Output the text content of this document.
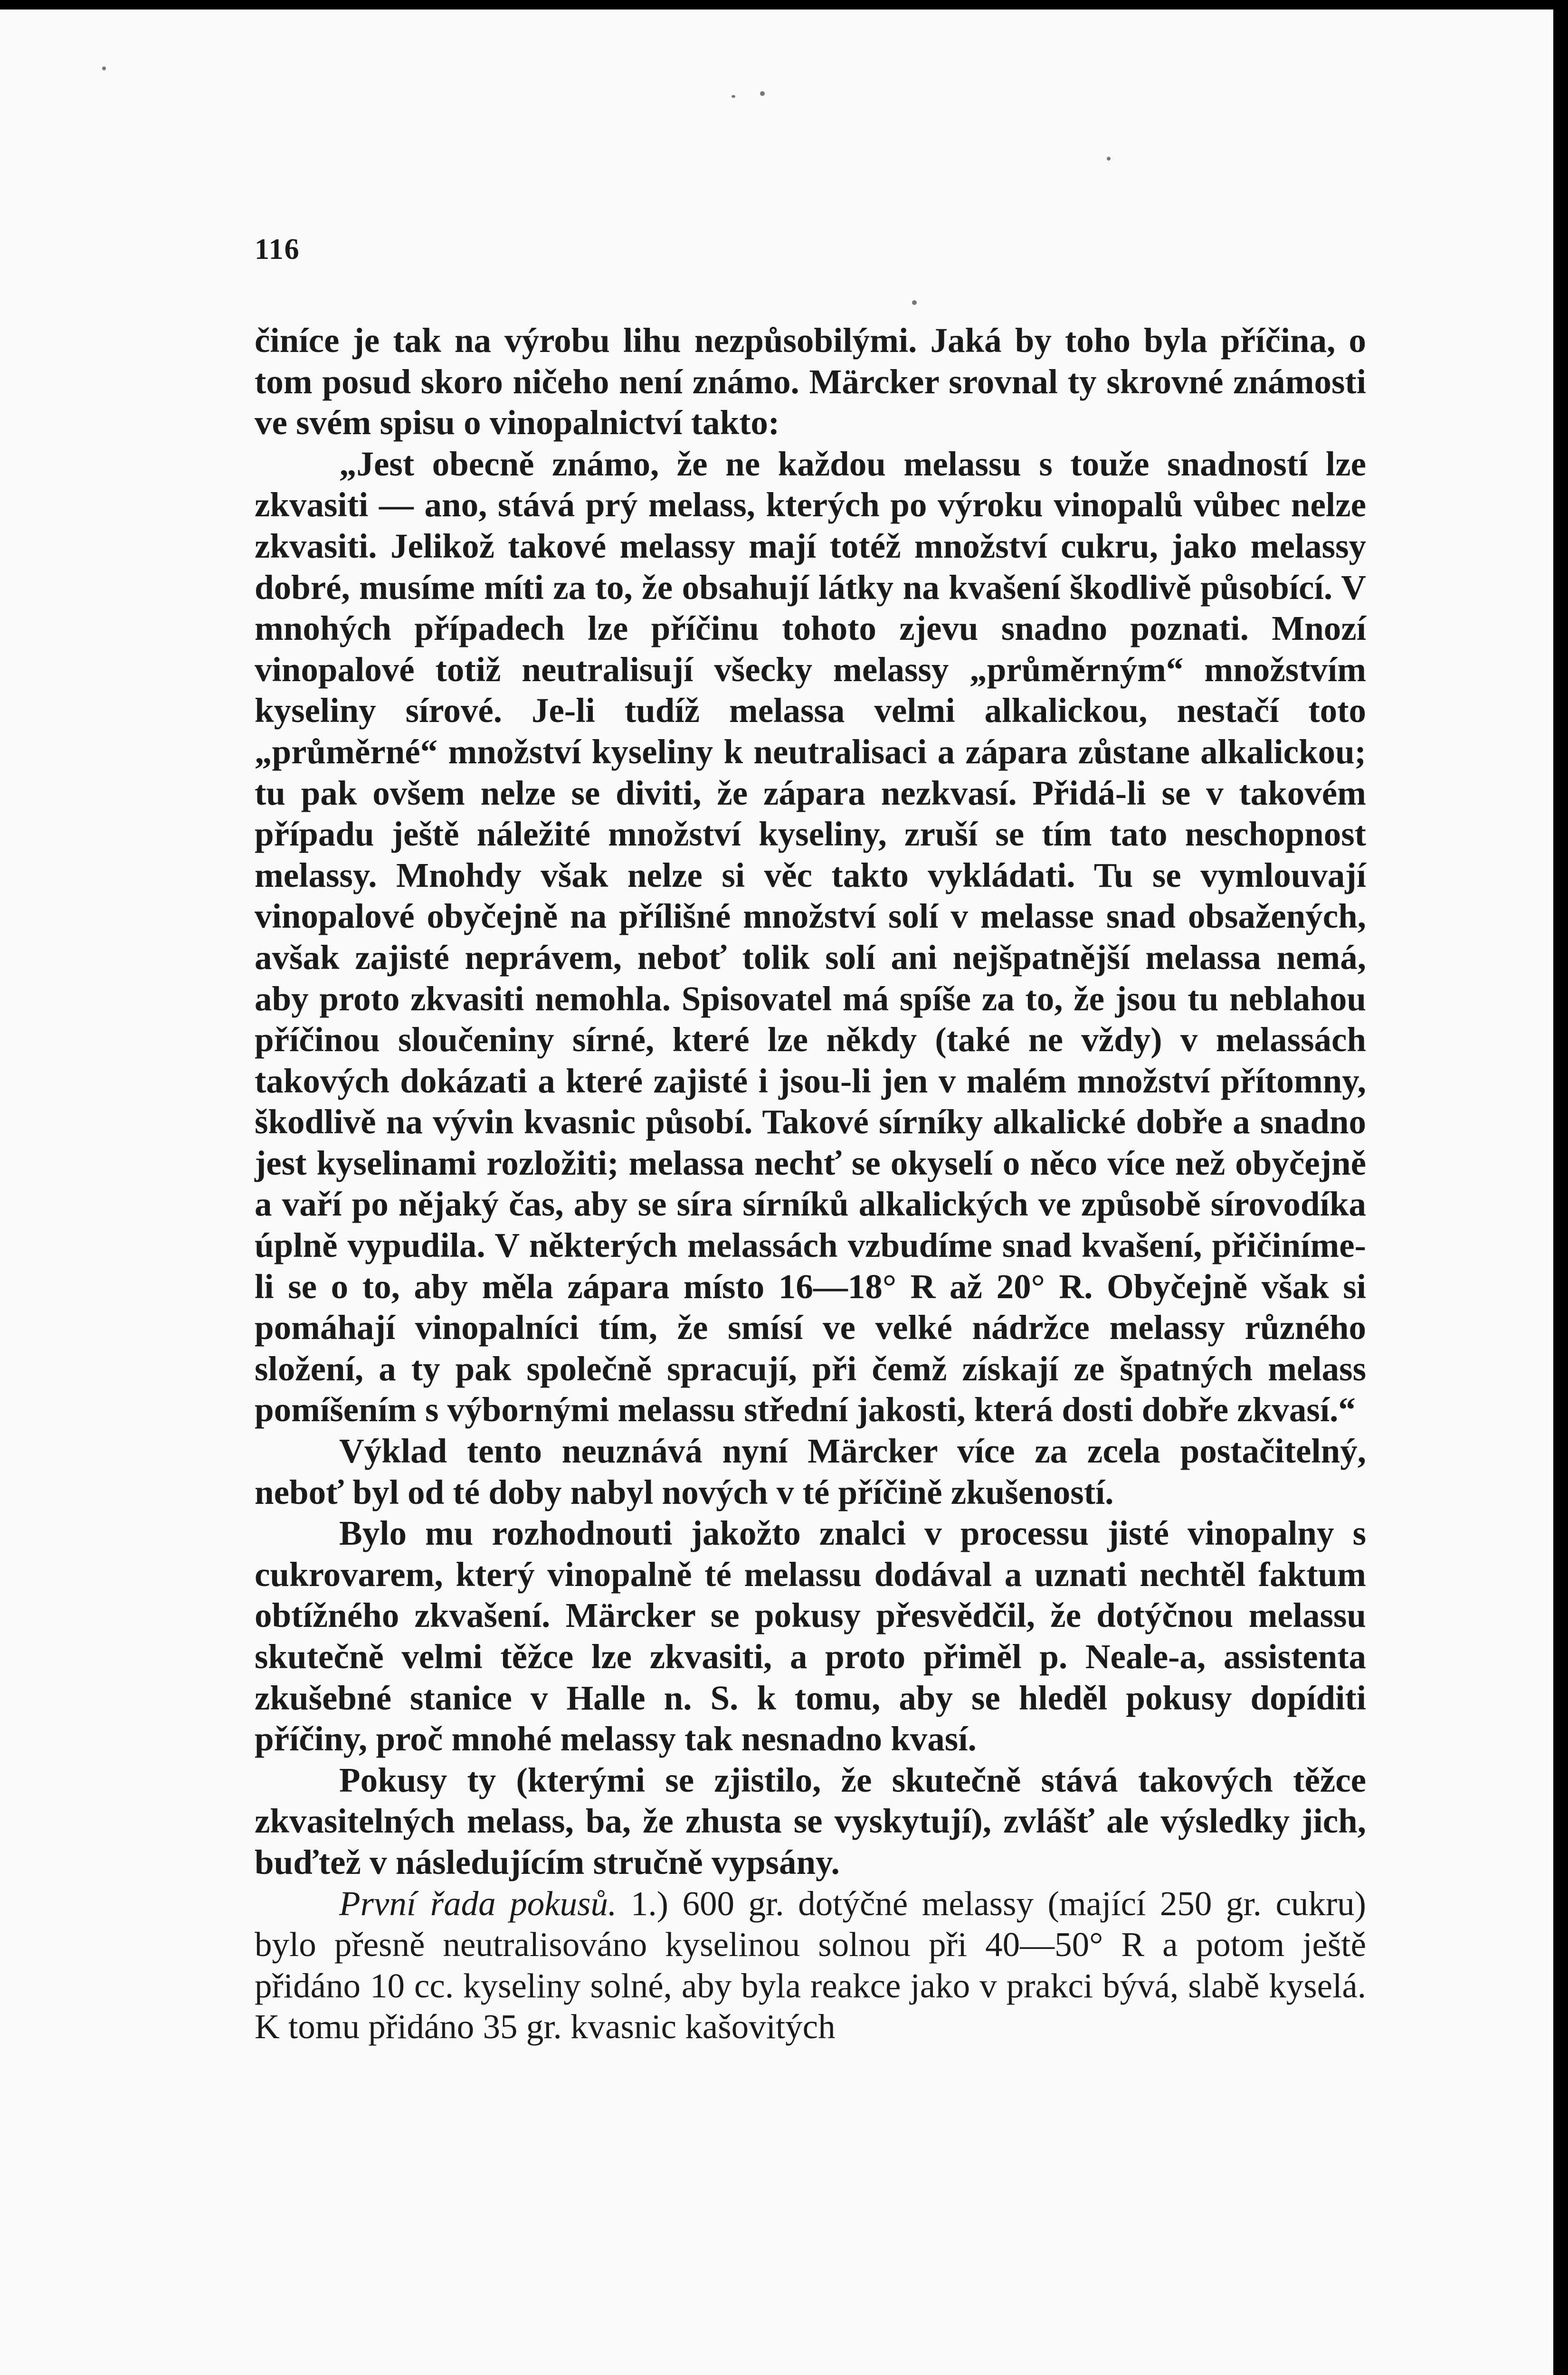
116

činíce je tak na výrobu lihu nezpůsobilými. Jaká by toho byla příčina, o tom posud skoro ničeho není známo. Märcker srovnal ty skrovné známosti ve svém spisu o vinopalnictví takto:

„Jest obecně známo, že ne každou melassu s touže snadností lze zkvasiti — ano, stává prý melass, kterých po výroku vinopalů vůbec nelze zkvasiti. Jelikož takové melassy mají totéž množství cukru, jako melassy dobré, musíme míti za to, že obsahují látky na kvašení škodlivě působící. V mnohých případech lze příčinu tohoto zjevu snadno poznati. Mnozí vinopalové totiž neutralisují všecky melassy „průměrným“ množstvím kyseliny sírové. Je-li tudíž melassa velmi alkalickou, nestačí toto „průměrné“ množství kyseliny k neutralisaci a zápara zůstane alkalickou; tu pak ovšem nelze se diviti, že zápara nezkvasí. Přidá-li se v takovém případu ještě náležité množství kyseliny, zruší se tím tato neschopnost melassy. Mnohdy však nelze si věc takto vykládati. Tu se vymlouvají vinopalové obyčejně na přílišné množství solí v melasse snad obsažených, avšak zajisté neprávem, neboť tolik solí ani nejšpatnější melassa nemá, aby proto zkvasiti nemohla. Spisovatel má spíše za to, že jsou tu neblahou příčinou sloučeniny sírné, které lze někdy (také ne vždy) v melassách takových dokázati a které zajisté i jsou-li jen v malém množství přítomny, škodlivě na vývin kvasnic působí. Takové sírníky alkalické dobře a snadno jest kyselinami rozložiti; melassa nechť se okyselí o něco více než obyčejně a vaří po nějaký čas, aby se síra sírníků alkalických ve způsobě sírovodíka úplně vypudila. V některých melassách vzbudíme snad kvašení, přičiníme-li se o to, aby měla zápara místo 16—18° R až 20° R. Obyčejně však si pomáhají vinopalníci tím, že smísí ve velké nádržce melassy různého složení, a ty pak společně spracují, při čemž získají ze špatných melass pomíšením s výbornými melassu střední jakosti, která dosti dobře zkvasí.“

Výklad tento neuznává nyní Märcker více za zcela postačitelný, neboť byl od té doby nabyl nových v té příčině zkušeností.

Bylo mu rozhodnouti jakožto znalci v processu jisté vinopalny s cukrovarem, který vinopalně té melassu dodával a uznati nechtěl faktum obtížného zkvašení. Märcker se pokusy přesvědčil, že dotýčnou melassu skutečně velmi těžce lze zkvasiti, a proto přiměl p. Neale-a, assistenta zkušebné stanice v Halle n. S. k tomu, aby se hleděl pokusy dopíditi příčiny, proč mnohé melassy tak nesnadno kvasí.

Pokusy ty (kterými se zjistilo, že skutečně stává takových těžce zkvasitelných melass, ba, že zhusta se vyskytují), zvlášť ale výsledky jich, buďtež v následujícím stručně vypsány.

První řada pokusů. 1.) 600 gr. dotýčné melassy (mající 250 gr. cukru) bylo přesně neutralisováno kyselinou solnou při 40—50° R a potom ještě přidáno 10 cc. kyseliny solné, aby byla reakce jako v prakci bývá, slabě kyselá. K tomu přidáno 35 gr. kvasnic kašovitých
